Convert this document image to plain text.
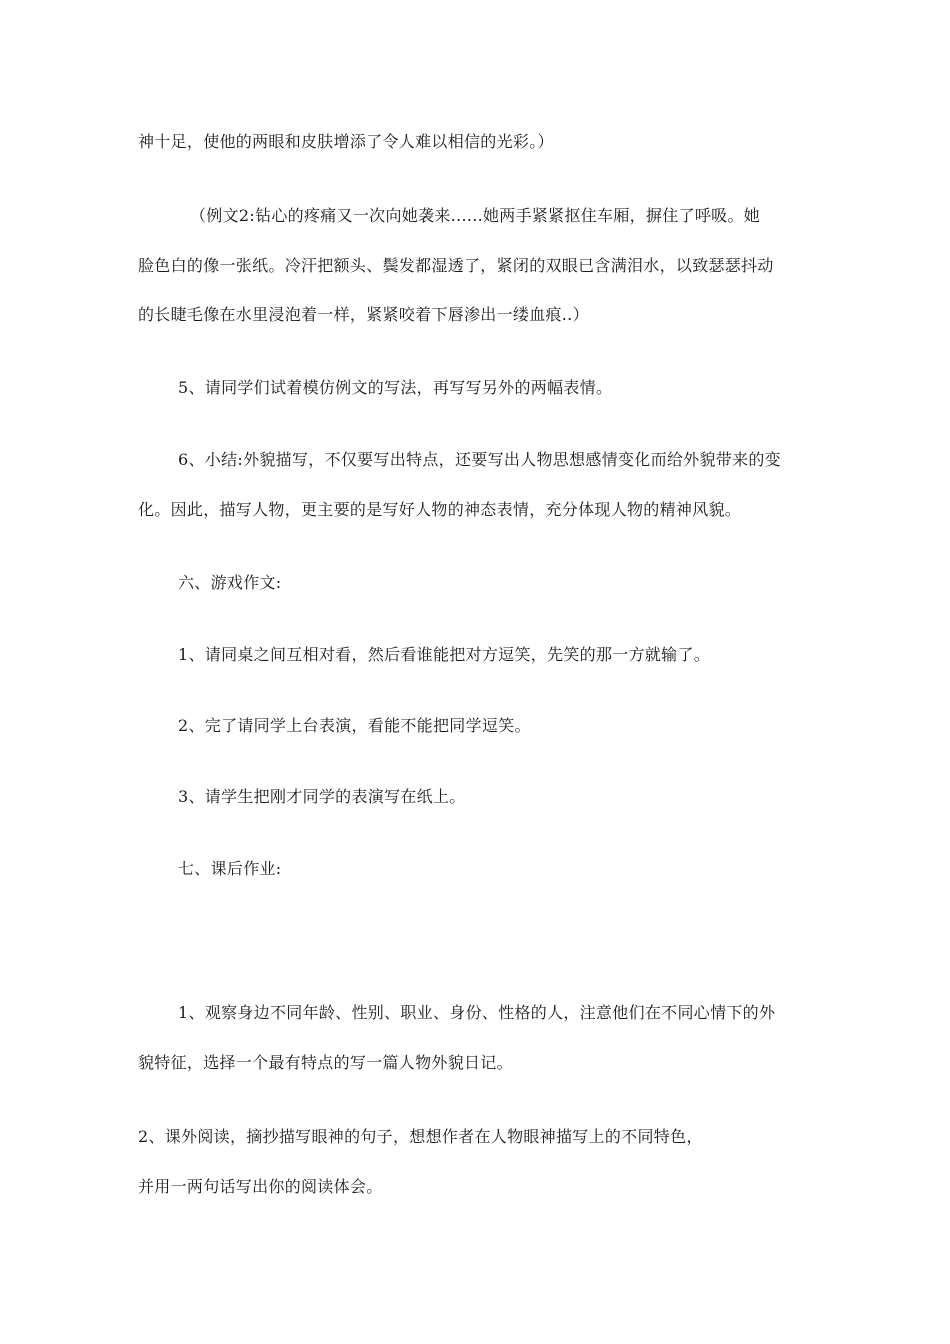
神十足，使他的两眼和皮肤增添了令人难以相信的光彩。）
（例文2:钻心的疼痛又一次向她袭来......她两手紧紧抠住车厢，摒住了呼吸。她
脸色白的像一张纸。冷汗把额头、鬓发都湿透了，紧闭的双眼已含满泪水，以致瑟瑟抖动
的长睫毛像在水里浸泡着一样，紧紧咬着下唇渗出一缕血痕..）
5、请同学们试着模仿例文的写法，再写写另外的两幅表情。
6、小结:外貌描写，不仅要写出特点，还要写出人物思想感情变化而给外貌带来的变
化。因此，描写人物，更主要的是写好人物的神态表情，充分体现人物的精神风貌。
六、游戏作文:
1、请同桌之间互相对看，然后看谁能把对方逗笑，先笑的那一方就输了。
2、完了请同学上台表演，看能不能把同学逗笑。
3、请学生把刚才同学的表演写在纸上。
七、课后作业:
1、观察身边不同年龄、性别、职业、身份、性格的人，注意他们在不同心情下的外
貌特征，选择一个最有特点的写一篇人物外貌日记。
2、课外阅读，摘抄描写眼神的句子，想想作者在人物眼神描写上的不同特色，
并用一两句话写出你的阅读体会。
